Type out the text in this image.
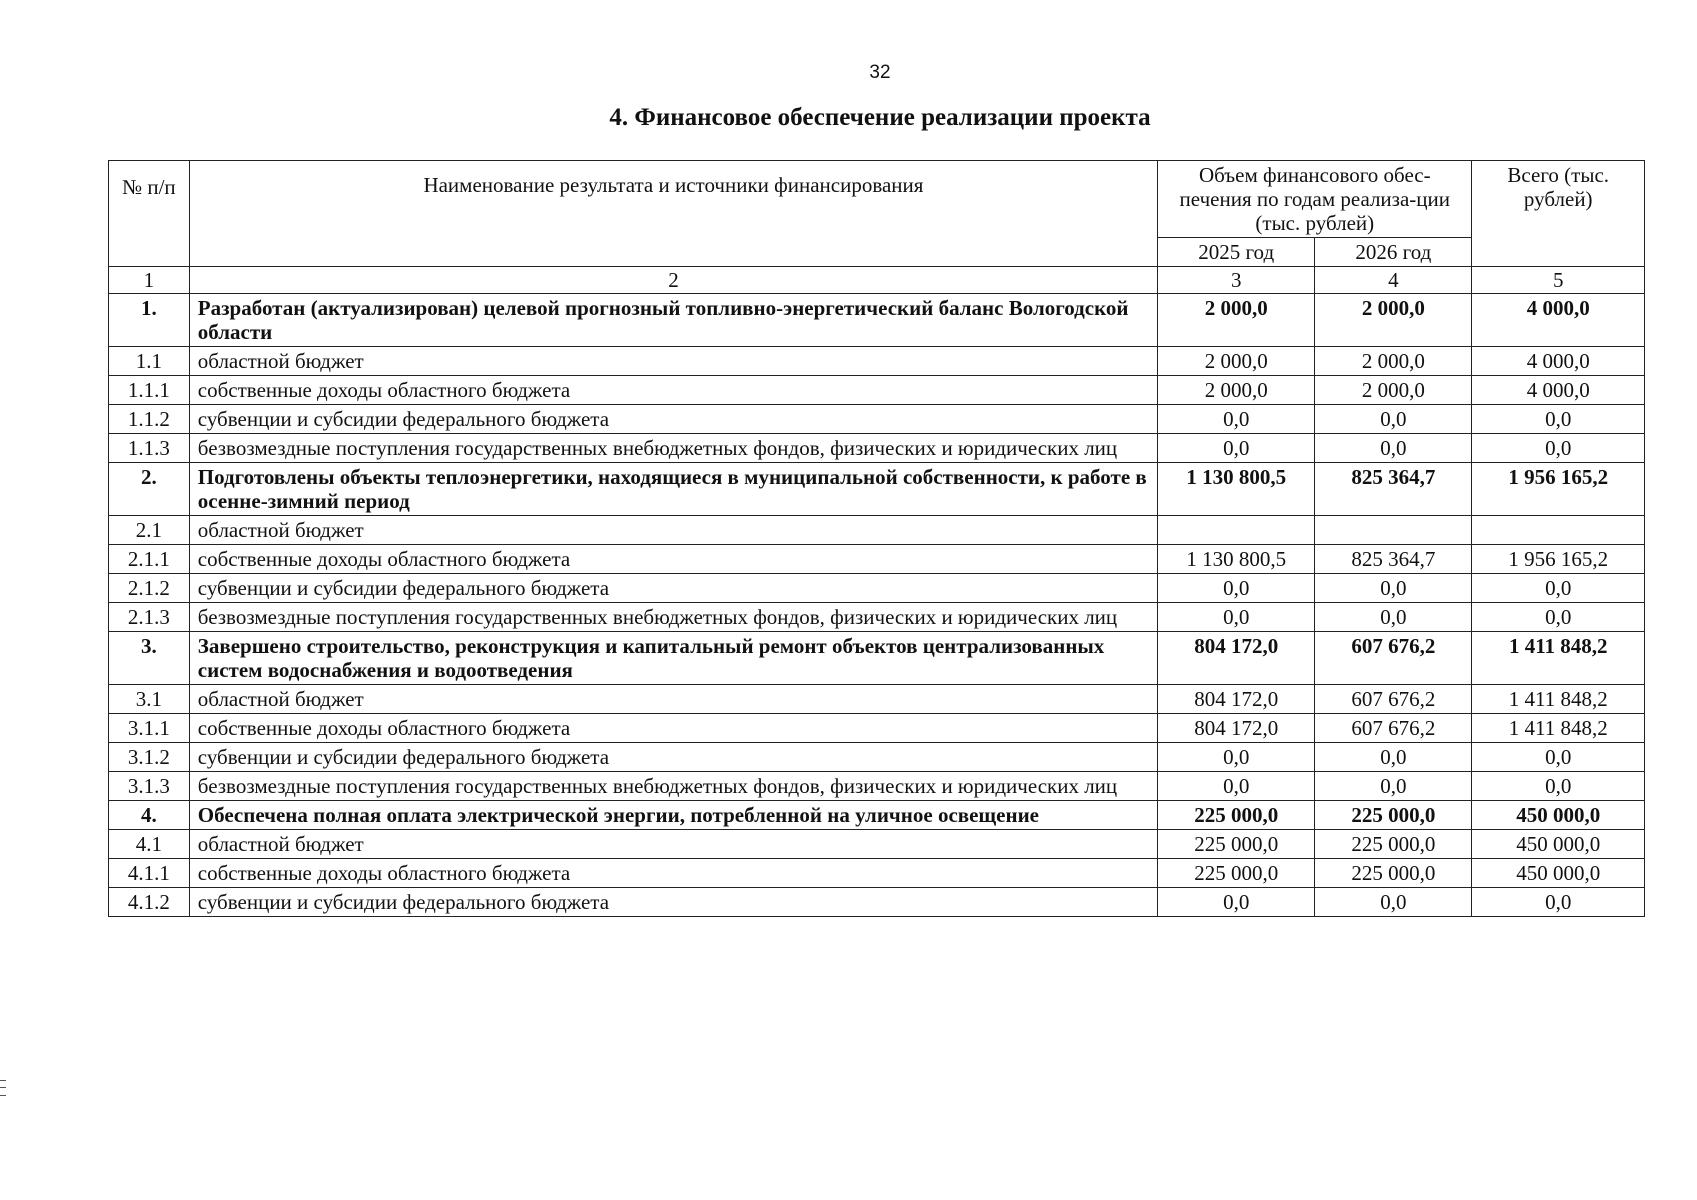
32
4. Финансовое обеспечение реализации проекта
№ п/п	Наименование результата и источники финансирования	Объем финансового обес-печения по годам реализа-ции (тыс. рублей)		Всего (тыс. рублей)
		2025 год	2026 год	
1	2	3	4	5
1.	Разработан (актуализирован) целевой прогнозный топливно-энергетический баланс Вологодской области	2 000,0	2 000,0	4 000,0
1.1	областной бюджет	2 000,0	2 000,0	4 000,0
1.1.1	собственные доходы областного бюджета	2 000,0	2 000,0	4 000,0
1.1.2	субвенции и субсидии федерального бюджета	0,0	0,0	0,0
1.1.3	безвозмездные поступления государственных внебюджетных фондов, физических и юридических лиц	0,0	0,0	0,0
2.	Подготовлены объекты теплоэнергетики, находящиеся в муниципальной собственности, к работе в осенне-зимний период	1 130 800,5	825 364,7	1 956 165,2
2.1	областной бюджет			
2.1.1	собственные доходы областного бюджета	1 130 800,5	825 364,7	1 956 165,2
2.1.2	субвенции и субсидии федерального бюджета	0,0	0,0	0,0
2.1.3	безвозмездные поступления государственных внебюджетных фондов, физических и юридических лиц	0,0	0,0	0,0
3.	Завершено строительство, реконструкция и капитальный ремонт объектов централизованных систем водоснабжения и водоотведения	804 172,0	607 676,2	1 411 848,2
3.1	областной бюджет	804 172,0	607 676,2	1 411 848,2
3.1.1	собственные доходы областного бюджета	804 172,0	607 676,2	1 411 848,2
3.1.2	субвенции и субсидии федерального бюджета	0,0	0,0	0,0
3.1.3	безвозмездные поступления государственных внебюджетных фондов, физических и юридических лиц	0,0	0,0	0,0
4.	Обеспечена полная оплата электрической энергии, потребленной на уличное освещение	225 000,0	225 000,0	450 000,0
4.1	областной бюджет	225 000,0	225 000,0	450 000,0
4.1.1	собственные доходы областного бюджета	225 000,0	225 000,0	450 000,0
4.1.2	субвенции и субсидии федерального бюджета	0,0	0,0	0,0
